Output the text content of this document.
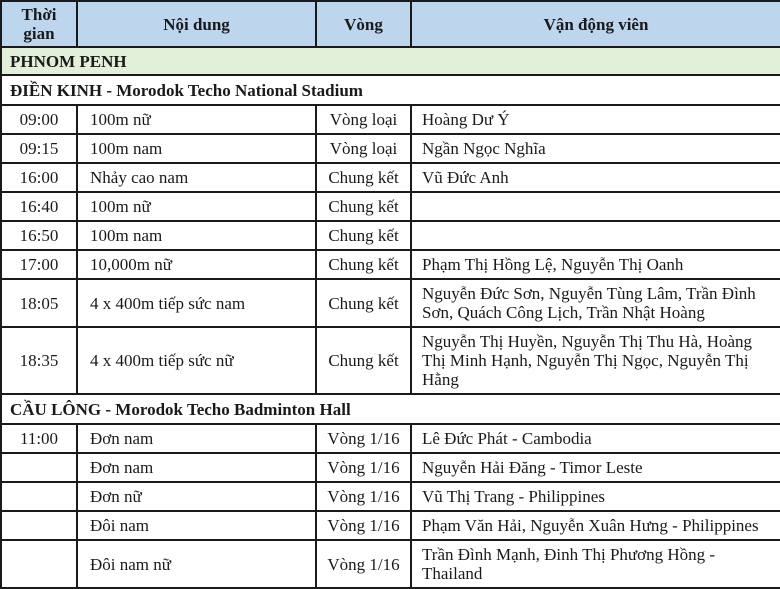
Thời gian	Nội dung	Vòng	Vận động viên
PHNOM PENH			
ĐIỀN KINH - Morodok Techo National Stadium			
09:00	100m nữ	Vòng loại	Hoàng Dư Ý
09:15	100m nam	Vòng loại	Ngần Ngọc Nghĩa
16:00	Nhảy cao nam	Chung kết	Vũ Đức Anh
16:40	100m nữ	Chung kết	
16:50	100m nam	Chung kết	
17:00	10,000m nữ	Chung kết	Phạm Thị Hồng Lệ, Nguyễn Thị Oanh
18:05	4 x 400m tiếp sức nam	Chung kết	Nguyễn Đức Sơn, Nguyễn Tùng Lâm, Trần Đình Sơn, Quách Công Lịch, Trần Nhật Hoàng
18:35	4 x 400m tiếp sức nữ	Chung kết	Nguyễn Thị Huyền, Nguyễn Thị Thu Hà, Hoàng Thị Minh Hạnh, Nguyễn Thị Ngọc, Nguyễn Thị Hằng
CẦU LÔNG - Morodok Techo Badminton Hall			
11:00	Đơn nam	Vòng 1/16	Lê Đức Phát - Cambodia
	Đơn nam	Vòng 1/16	Nguyễn Hải Đăng - Timor Leste
	Đơn nữ	Vòng 1/16	Vũ Thị Trang - Philippines
	Đôi nam	Vòng 1/16	Phạm Văn Hải, Nguyễn Xuân Hưng - Philippines
	Đôi nam nữ	Vòng 1/16	Trần Đình Mạnh, Đinh Thị Phương Hồng - Thailand
